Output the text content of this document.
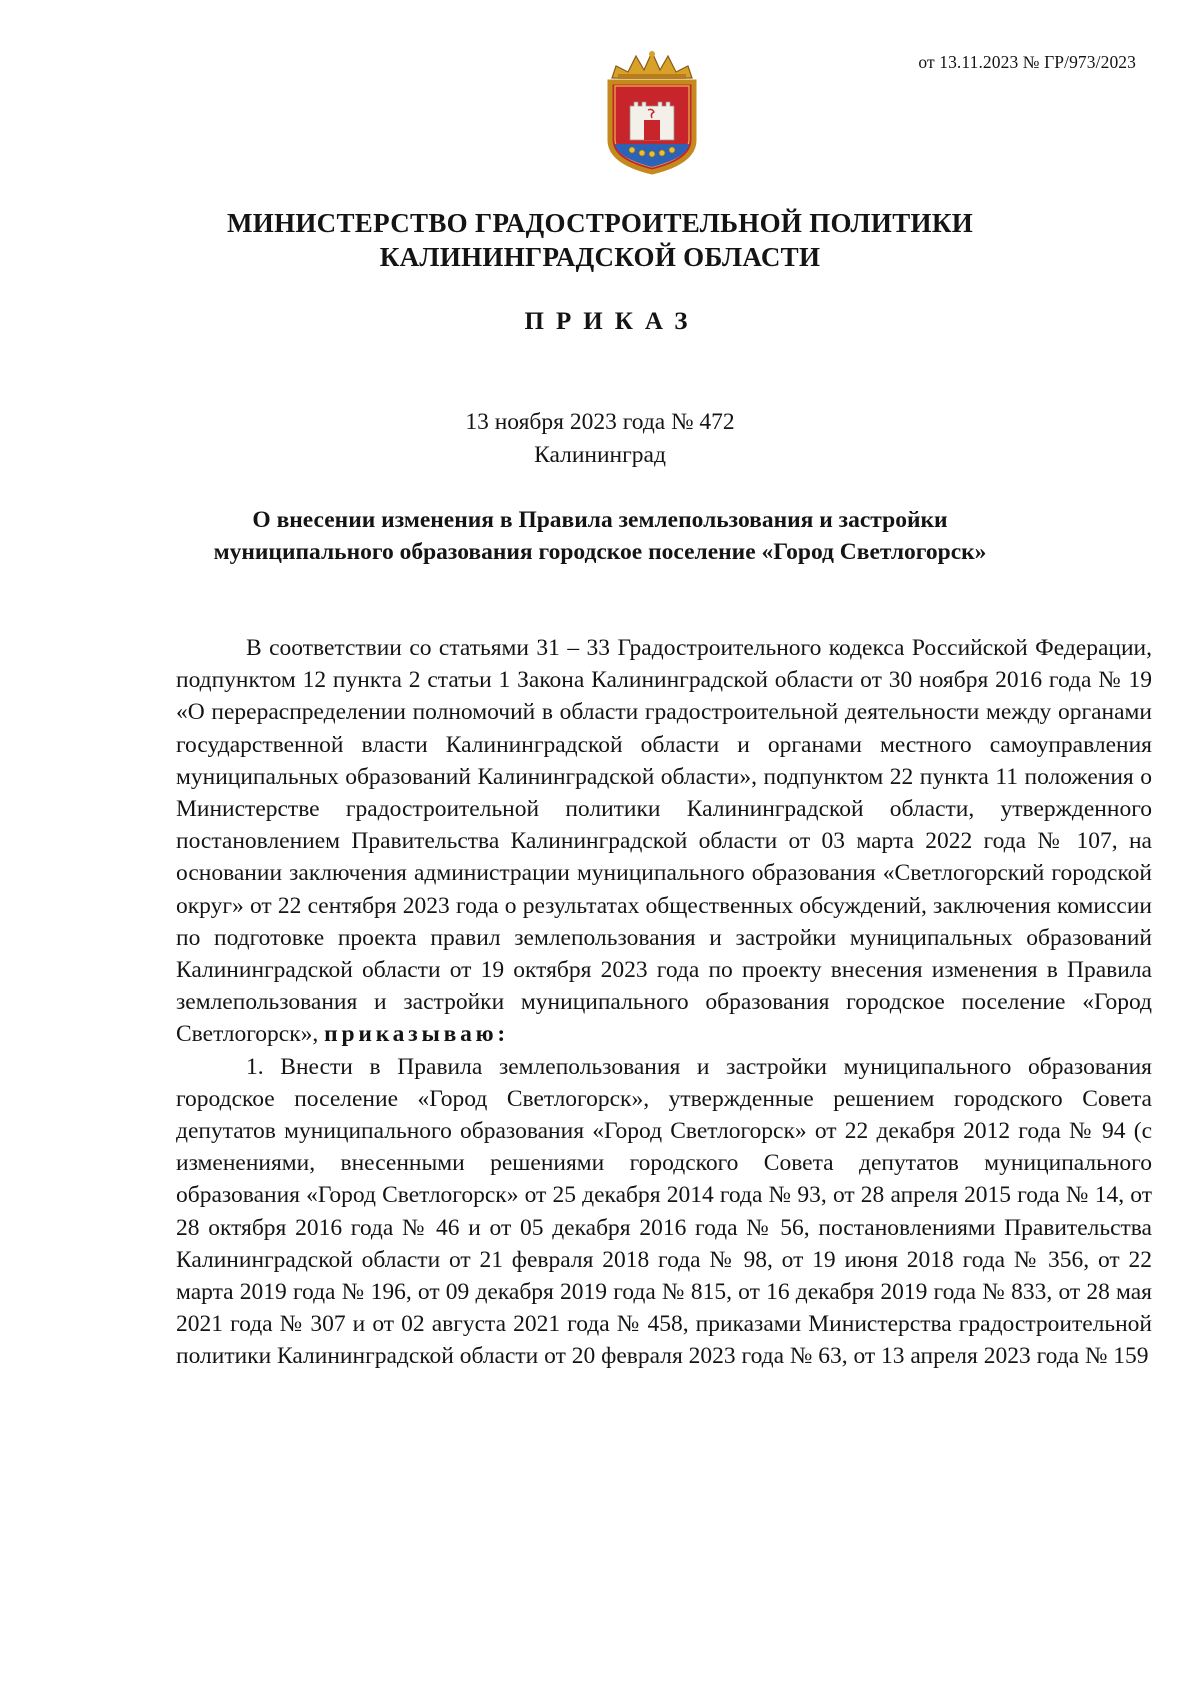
от 13.11.2023 № ГР/973/2023
МИНИСТЕРСТВО ГРАДОСТРОИТЕЛЬНОЙ ПОЛИТИКИ
КАЛИНИНГРАДСКОЙ ОБЛАСТИ
ПРИКАЗ
13 ноября 2023 года № 472
Калининград
О внесении изменения в Правила землепользования и застройки
муниципального образования городское поселение «Город Светлогорск»

В соответствии со статьями 31 – 33 Градостроительного кодекса Российской Федерации, подпунктом 12 пункта 2 статьи 1 Закона Калининградской области от 30 ноября 2016 года № 19 «О перераспределении полномочий в области градостроительной деятельности между органами государственной власти Калининградской области и органами местного самоуправления муниципальных образований Калининградской области», подпунктом 22 пункта 11 положения о Министерстве градостроительной политики Калининградской области, утвержденного постановлением Правительства Калининградской области от 03 марта 2022 года № 107, на основании заключения администрации муниципального образования «Светлогорский городской округ» от 22 сентября 2023 года о результатах общественных обсуждений, заключения комиссии по подготовке проекта правил землепользования и застройки муниципальных образований Калининградской области от 19 октября 2023 года по проекту внесения изменения в Правила землепользования и застройки муниципального образования городское поселение «Город Светлогорск», приказываю:

1. Внести в Правила землепользования и застройки муниципального образования городское поселение «Город Светлогорск», утвержденные решением городского Совета депутатов муниципального образования «Город Светлогорск» от 22 декабря 2012 года № 94 (с изменениями, внесенными решениями городского Совета депутатов муниципального образования «Город Светлогорск» от 25 декабря 2014 года № 93, от 28 апреля 2015 года № 14, от 28 октября 2016 года № 46 и от 05 декабря 2016 года № 56, постановлениями Правительства Калининградской области от 21 февраля 2018 года № 98, от 19 июня 2018 года № 356, от 22 марта 2019 года № 196, от 09 декабря 2019 года № 815, от 16 декабря 2019 года № 833, от 28 мая 2021 года № 307 и от 02 августа 2021 года № 458, приказами Министерства градостроительной политики Калининградской области от 20 февраля 2023 года № 63, от 13 апреля 2023 года № 159
